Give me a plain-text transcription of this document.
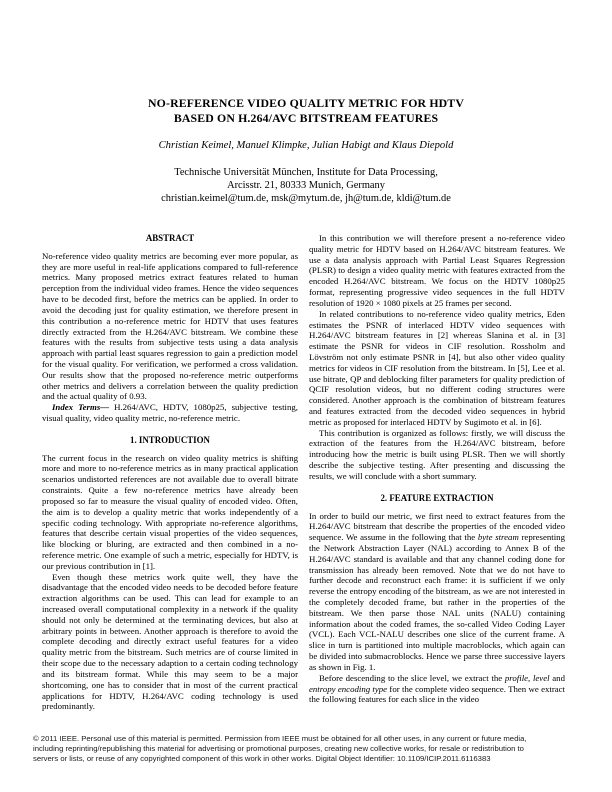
NO-REFERENCE VIDEO QUALITY METRIC FOR HDTV
BASED ON H.264/AVC BITSTREAM FEATURES
Christian Keimel, Manuel Klimpke, Julian Habigt and Klaus Diepold
Technische Universität München, Institute for Data Processing,
Arcisstr. 21, 80333 Munich, Germany
christian.keimel@tum.de, msk@mytum.de, jh@tum.de, kldi@tum.de
ABSTRACT

No-reference video quality metrics are becoming ever more popular, as they are more useful in real-life applications compared to full-reference metrics. Many proposed metrics extract features related to human perception from the individual video frames. Hence the video sequences have to be decoded first, before the metrics can be applied. In order to avoid the decoding just for quality estimation, we therefore present in this contribution a no-reference metric for HDTV that uses features directly extracted from the H.264/AVC bitstream. We combine these features with the results from subjective tests using a data analysis approach with partial least squares regression to gain a prediction model for the visual quality. For verification, we performed a cross validation. Our results show that the proposed no-reference metric outperforms other metrics and delivers a correlation between the quality prediction and the actual quality of 0.93.

Index Terms— H.264/AVC, HDTV, 1080p25, subjective testing, visual quality, video quality metric, no-reference metric.

1. INTRODUCTION

The current focus in the research on video quality metrics is shifting more and more to no-reference metrics as in many practical application scenarios undistorted references are not available due to overall bitrate constraints. Quite a few no-reference metrics have already been proposed so far to measure the visual quality of encoded video. Often, the aim is to develop a quality metric that works independently of a specific coding technology. With appropriate no-reference algorithms, features that describe certain visual properties of the video sequences, like blocking or bluring, are extracted and then combined in a no-reference metric. One example of such a metric, especially for HDTV, is our previous contribution in [1].

Even though these metrics work quite well, they have the disadvantage that the encoded video needs to be decoded before feature extraction algorithms can be used. This can lead for example to an increased overall computational complexity in a network if the quality should not only be determined at the terminating devices, but also at arbitrary points in between. Another approach is therefore to avoid the complete decoding and directly extract useful features for a video quality metric from the bitstream. Such metrics are of course limited in their scope due to the necessary adaption to a certain coding technology and its bitstream format. While this may seem to be a major shortcoming, one has to consider that in most of the current practical applications for HDTV, H.264/AVC coding technology is used predominantly.

In this contribution we will therefore present a no-reference video quality metric for HDTV based on H.264/AVC bitstream features. We use a data analysis approach with Partial Least Squares Regression (PLSR) to design a video quality metric with features extracted from the encoded H.264/AVC bitstream. We focus on the HDTV 1080p25 format, representing progressive video sequences in the full HDTV resolution of 1920 × 1080 pixels at 25 frames per second.

In related contributions to no-reference video quality metrics, Eden estimates the PSNR of interlaced HDTV video sequences with H.264/AVC bitstream features in [2] whereas Slanina et al. in [3] estimate the PSNR for videos in CIF resolution. Rossholm and Lövström not only estimate PSNR in [4], but also other video quality metrics for videos in CIF resolution from the bitstream. In [5], Lee et al. use bitrate, QP and deblocking filter parameters for quality prediction of QCIF resolution videos, but no different coding structures were considered. Another approach is the combination of bitstream features and features extracted from the decoded video sequences in hybrid metric as proposed for interlaced HDTV by Sugimoto et al. in [6].

This contribution is organized as follows: firstly, we will discuss the extraction of the features from the H.264/AVC bitstream, before introducing how the metric is built using PLSR. Then we will shortly describe the subjective testing. After presenting and discussing the results, we will conclude with a short summary.

2. FEATURE EXTRACTION

In order to build our metric, we first need to extract features from the H.264/AVC bitstream that describe the properties of the encoded video sequence. We assume in the following that the byte stream representing the Network Abstraction Layer (NAL) according to Annex B of the H.264/AVC standard is available and that any channel coding done for transmission has already been removed. Note that we do not have to further decode and reconstruct each frame: it is sufficient if we only reverse the entropy encoding of the bitstream, as we are not interested in the completely decoded frame, but rather in the properties of the bitstream. We then parse those NAL units (NALU) containing information about the coded frames, the so-called Video Coding Layer (VCL). Each VCL-NALU describes one slice of the current frame. A slice in turn is partitioned into multiple macroblocks, which again can be divided into submacroblocks. Hence we parse three successive layers as shown in Fig. 1.

Before descending to the slice level, we extract the profile, level and entropy encoding type for the complete video sequence. Then we extract the following features for each slice in the video

© 2011 IEEE. Personal use of this material is permitted. Permission from IEEE must be obtained for all other uses, in any current or future media,
including reprinting/republishing this material for advertising or promotional purposes, creating new collective works, for resale or redistribution to
servers or lists, or reuse of any copyrighted component of this work in other works. Digital Object Identifier: 10.1109/ICIP.2011.6116383
